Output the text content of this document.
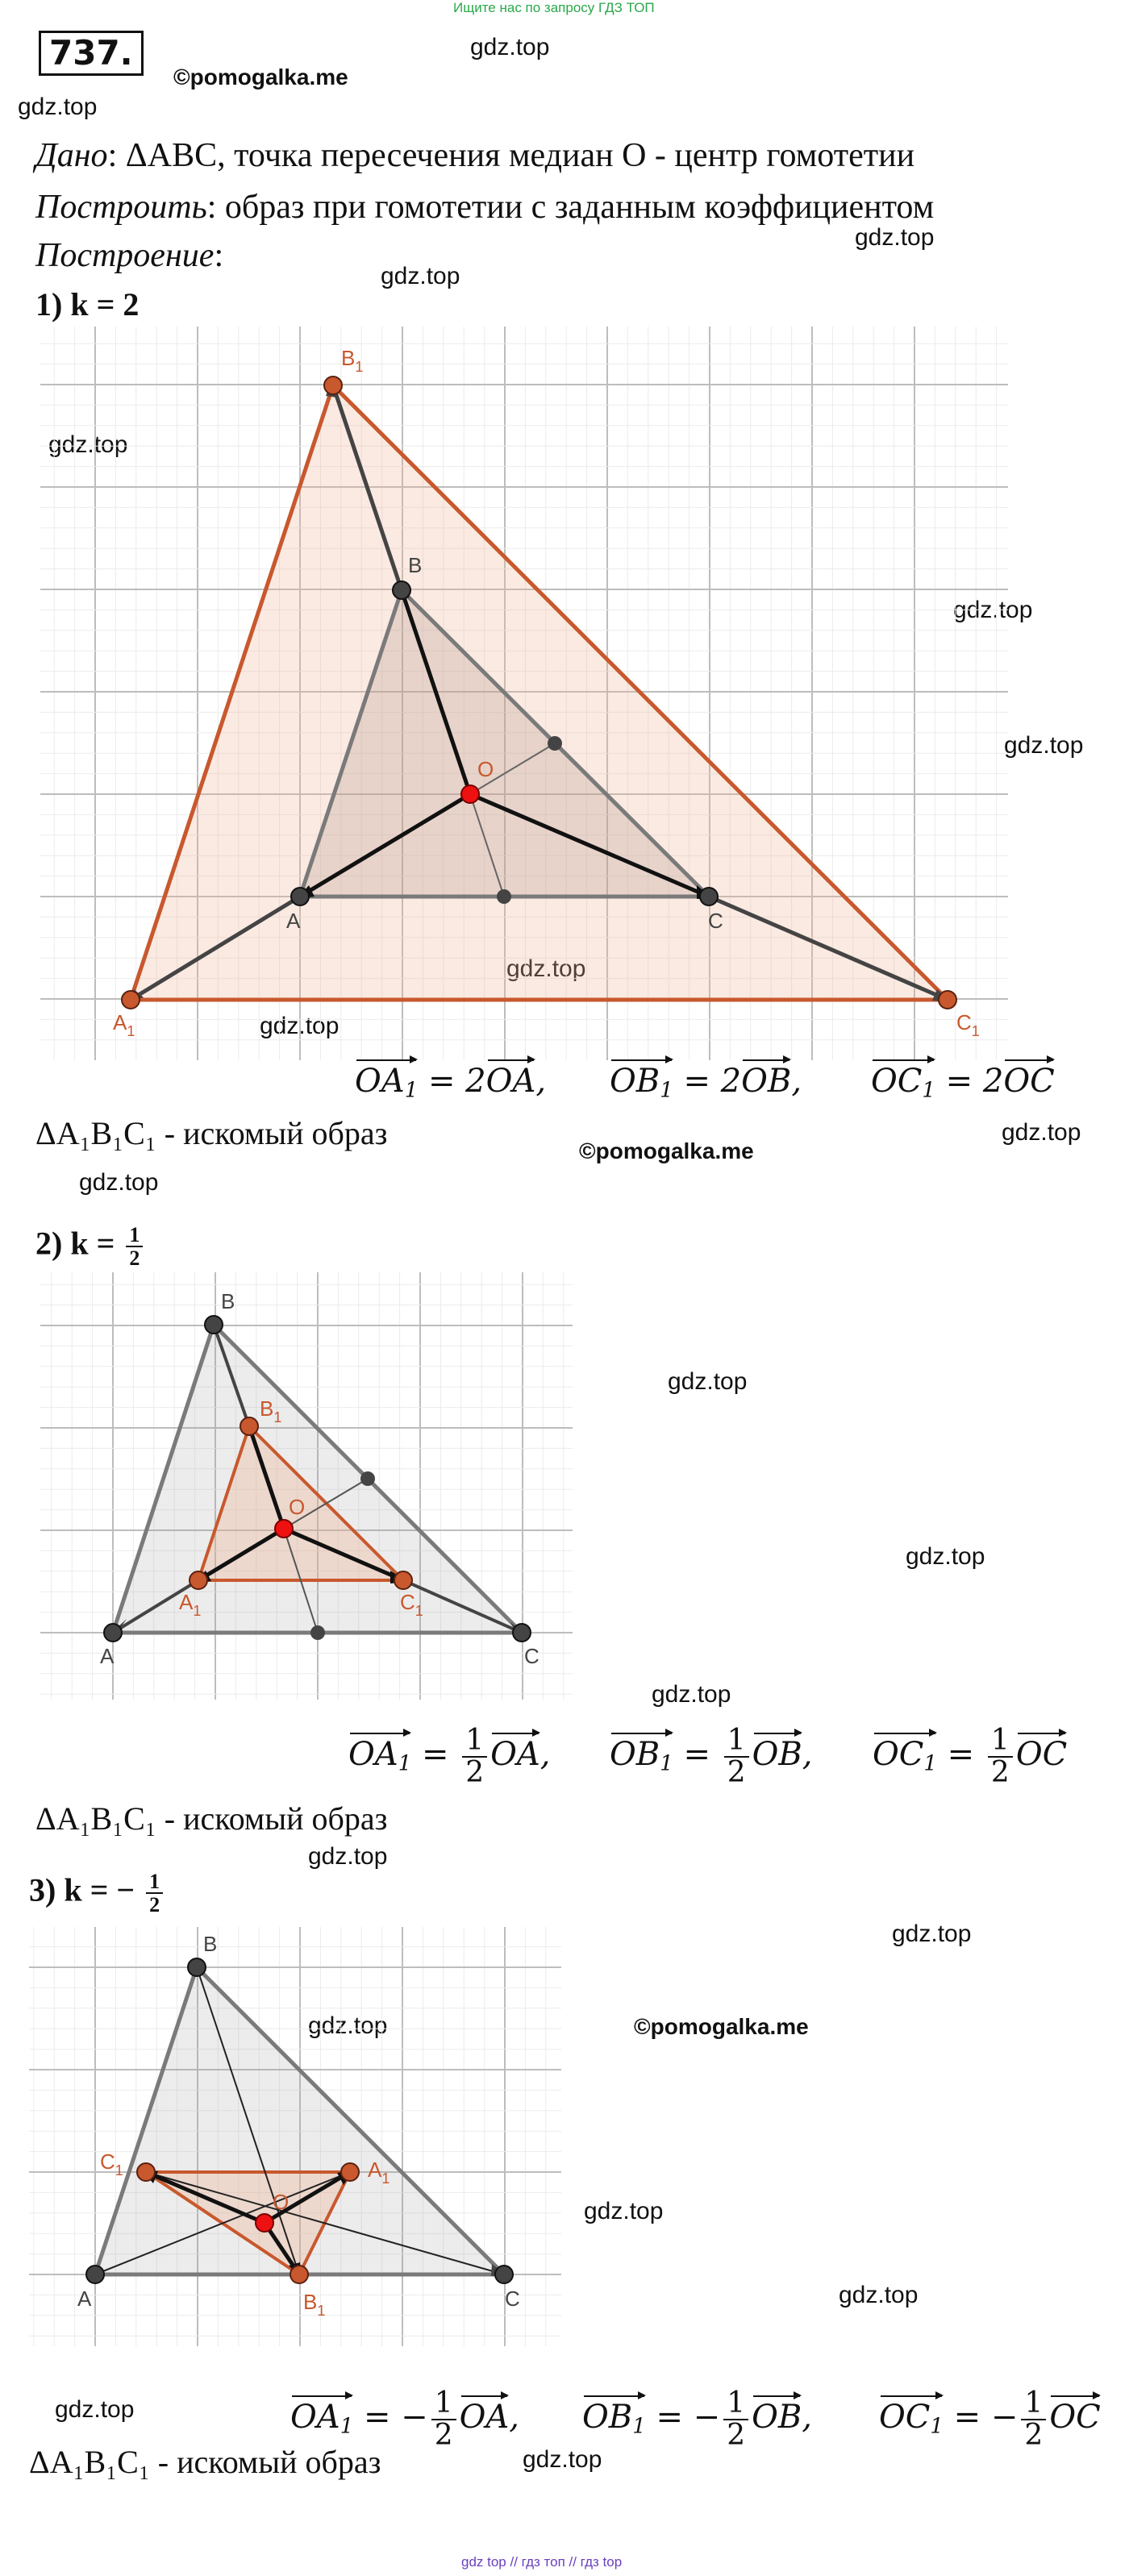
Ищите нас по запросу ГДЗ ТОП
737.
©pomogalka.me
gdz.top
gdz.top
gdz.top
gdz.top
gdz.top
gdz.top
gdz.top
gdz.top
gdz.top
gdz.top
gdz.top
gdz.top
gdz.top
gdz.top
gdz.top
gdz.top
gdz.top
gdz.top
gdz.top
gdz.top
©pomogalka.me
©pomogalka.me
Дано: ΔABC, точка пересечения медиан O - центр гомотетии
Построить: образ при гомотетии с заданным коэффициентом
Построение:
1) k = 2
A
B
C
O
$A_1$
$B_1$
$C_1$
$OA_1 = 2OA$, $OB_1 = 2OB$, $OC_1 = 2OC$
ΔA₁B₁C₁ - искомый образ
2) $k = \frac{1}{2}$
A
B
C
O
$A_1$
$B_1$
$C_1$
$OA_1 = \frac{1}{2}$ OA, $OB_1 = \frac{1}{2}$ OB, $OC_1 = \frac{1}{2}$ OC
ΔA₁B₁C₁ - искомый образ
3) k = − $\frac{1}{2}$
A
B
C
O
$A_1$
$B_1$
$C_1$
$OA_1$ = − $\frac{1}{2}$ OA, $OB_1$ = − $\frac{1}{2}$ OB, $OC_1$ = − $\frac{1}{2}$ OC
ΔA₁B₁C₁ - искомый образ
gdz top // гдз топ // гдз top
